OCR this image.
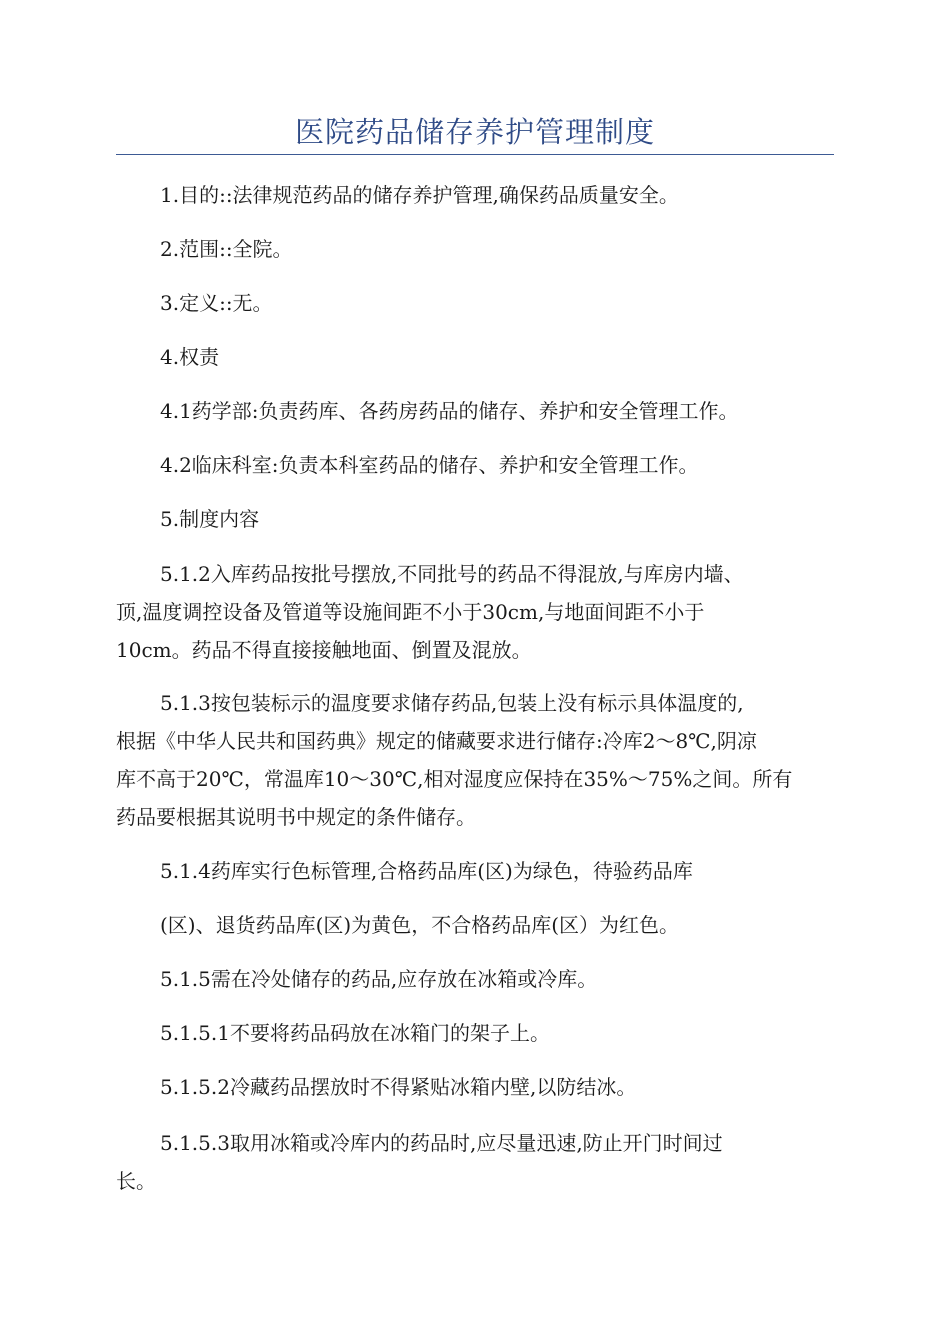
医院药品储存养护管理制度

1.目的::法律规范药品的储存养护管理,确保药品质量安全。

2.范围::全院。

3.定义::无。

4.权责

4.1药学部:负责药库、各药房药品的储存、养护和安全管理工作。

4.2临床科室:负责本科室药品的储存、养护和安全管理工作。

5.制度内容

5.1.2入库药品按批号摆放,不同批号的药品不得混放,与库房内墙、
顶,温度调控设备及管道等设施间距不小于30cm,与地面间距不小于
10cm。药品不得直接接触地面、倒置及混放。

5.1.3按包装标示的温度要求储存药品,包装上没有标示具体温度的,
根据《中华人民共和国药典》规定的储藏要求进行储存:冷库2～8℃,阴凉
库不高于20℃，常温库10～30℃,相对湿度应保持在35%～75%之间。所有
药品要根据其说明书中规定的条件储存。

5.1.4药库实行色标管理,合格药品库(区)为绿色，待验药品库

(区)、退货药品库(区)为黄色，不合格药品库(区）为红色。

5.1.5需在冷处储存的药品,应存放在冰箱或冷库。

5.1.5.1不要将药品码放在冰箱门的架子上。

5.1.5.2冷藏药品摆放时不得紧贴冰箱内壁,以防结冰。

5.1.5.3取用冰箱或冷库内的药品时,应尽量迅速,防止开门时间过
长。
